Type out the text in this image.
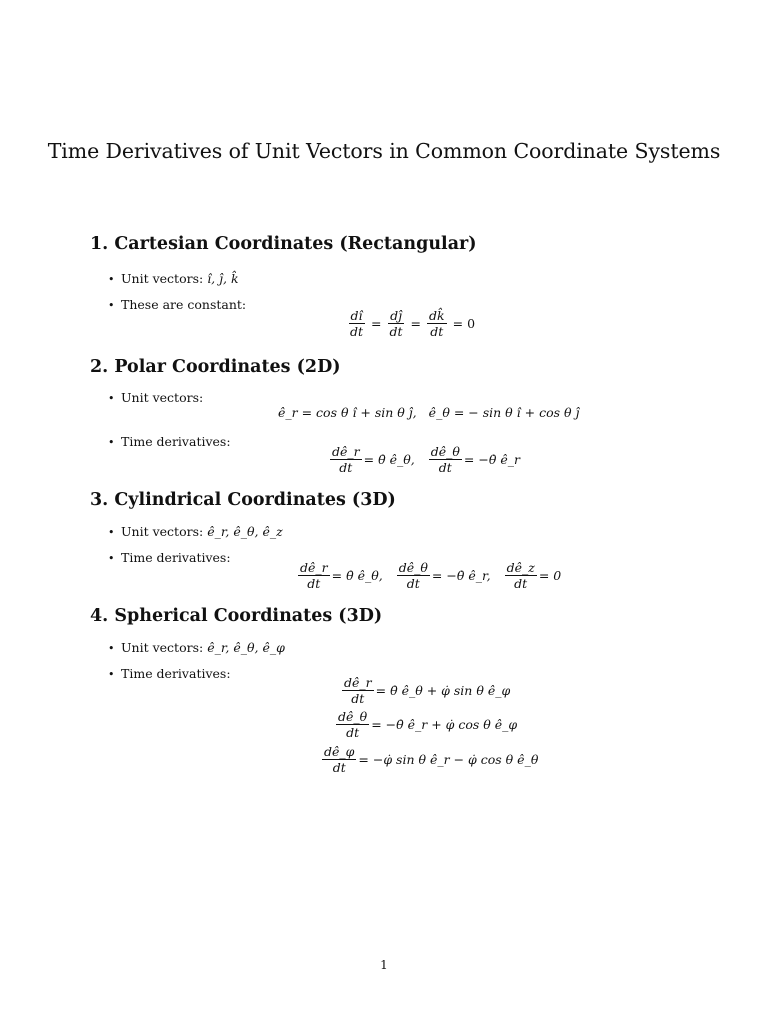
Time Derivatives of Unit Vectors in Common Coordinate Systems
1. Cartesian Coordinates (Rectangular)
• Unit vectors: î, ĵ, k̂
• These are constant:
$\frac{dî}{dt} = \frac{dĵ}{dt} = \frac{dk̂}{dt} = 0$
2. Polar Coordinates (2D)
• Unit vectors:
ê_r = cos θ î + sin θ ĵ, ê_θ = − sin θ î + cos θ ĵ
• Time derivatives:
$\frac{dê\_r}{dt}$ = θ̇ ê_θ, $\frac{dê\_\theta}{dt}$ = −θ̇ ê_r
3. Cylindrical Coordinates (3D)
• Unit vectors: ê_r, ê_θ, ê_z
• Time derivatives:
$\frac{dê\_r}{dt}$ = θ̇ ê_θ, $\frac{dê\_\theta}{dt}$ = −θ̇ ê_r, $\frac{dê\_z}{dt} = 0$
4. Spherical Coordinates (3D)
• Unit vectors: ê_r, ê_θ, ê_φ
• Time derivatives:
$\frac{dê\_r}{dt}$ = θ̇ ê_θ + φ̇ sin θ ê_φ
$\frac{dê\_\theta}{dt}$ = −θ̇ ê_r + φ̇ cos θ ê_φ
$\frac{dê\_\varphi}{dt}$ = −φ̇ sin θ ê_r − φ̇ cos θ ê_θ
1
